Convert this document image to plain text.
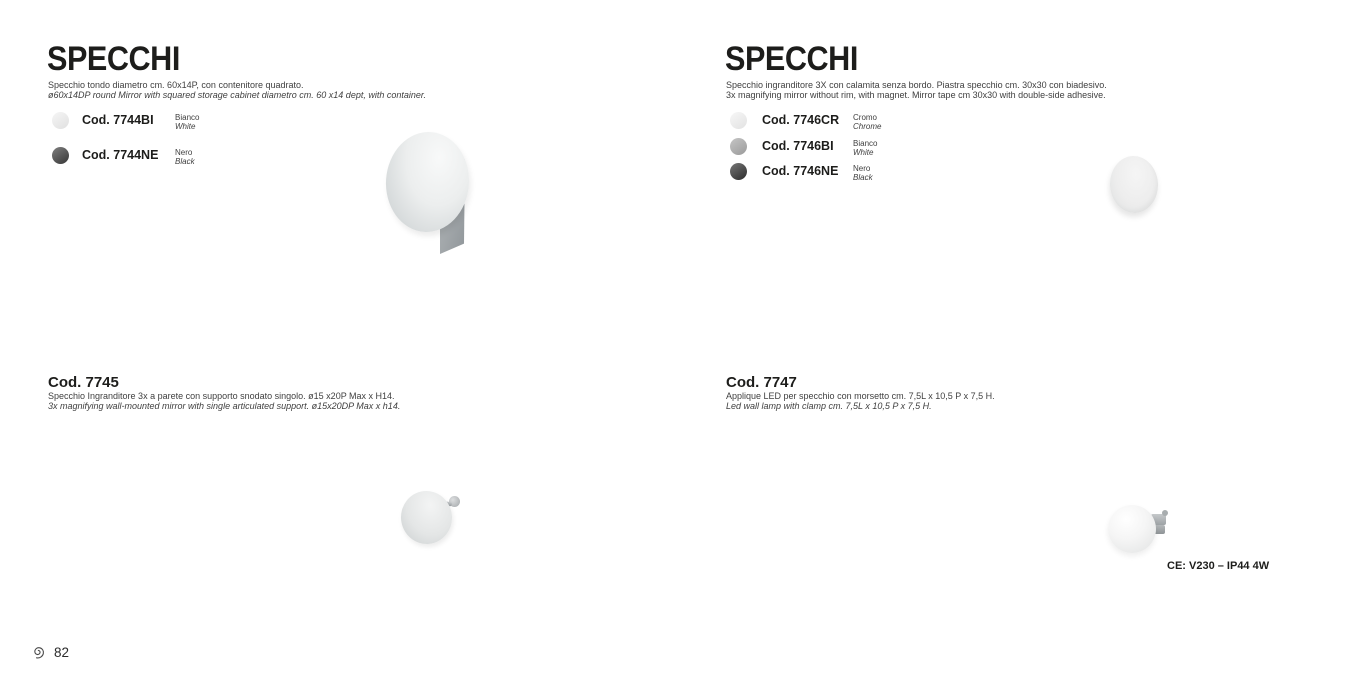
SPECCHI
Specchio tondo diametro cm. 60x14P, con contenitore quadrato.
ø60x14DP round Mirror with squared storage cabinet diametro cm. 60 x14 dept, with container.
Cod. 7744BI	Bianco
White
Cod. 7744NE	Nero
Black
Cod. 7745
Specchio Ingranditore 3x a parete con supporto snodato singolo. ø15 x20P Max x H14.
3x magnifying wall-mounted mirror with single articulated support. ø15x20DP Max x h14.
SPECCHI
Specchio ingranditore 3X con calamita senza bordo. Piastra specchio cm. 30x30 con biadesivo.
3x magnifying mirror without rim, with magnet. Mirror tape cm 30x30 with double-side adhesive.
Cod. 7746CR	Cromo
Chrome
Cod. 7746BI	Bianco
White
Cod. 7746NE	Nero
Black
Cod. 7747
Applique LED per specchio con morsetto cm. 7,5L x 10,5 P x 7,5 H.
Led wall lamp with clamp cm. 7,5L x 10,5 P x 7,5 H.
CE: V230 – IP44 4W
82
